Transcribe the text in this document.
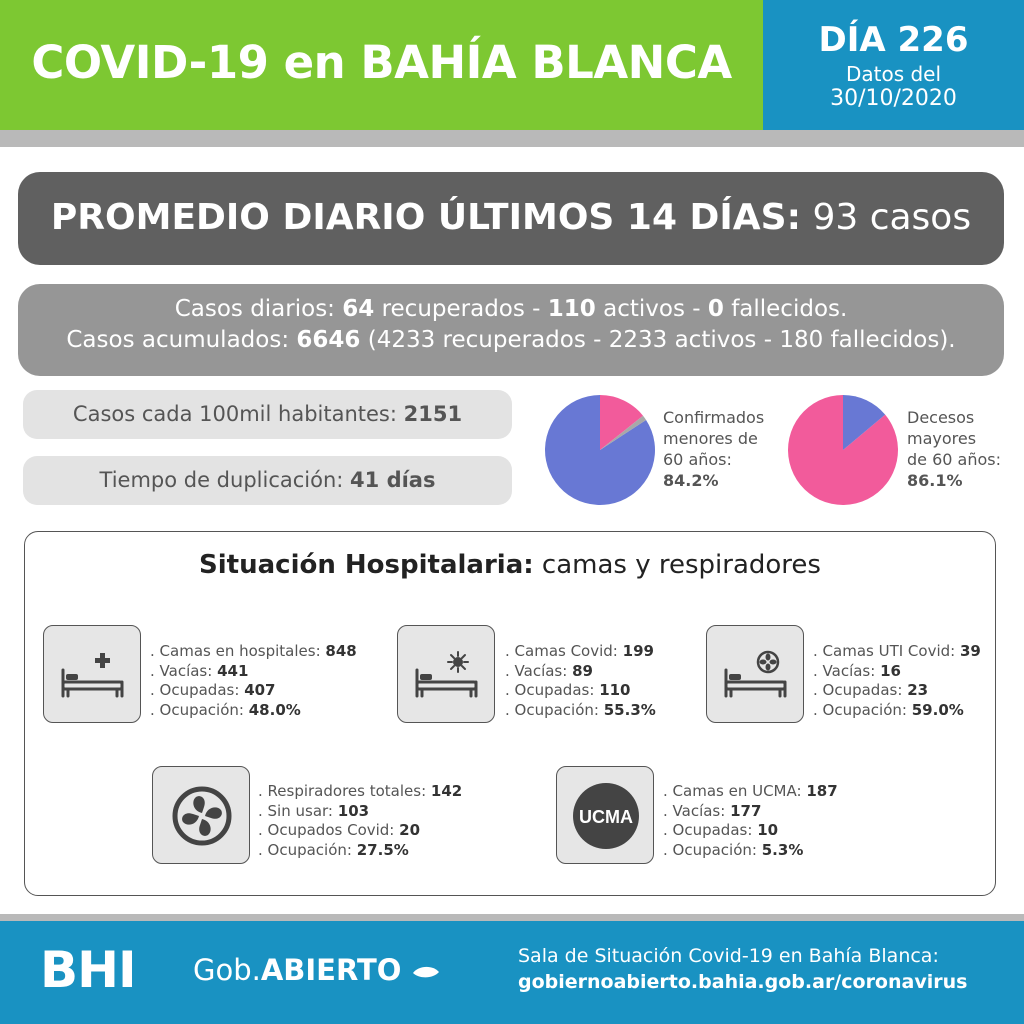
COVID-19 en BAHÍA BLANCA	DÍA 226
Datos del
30/10/2020
PROMEDIO DIARIO ÚLTIMOS 14 DÍAS: 93 casos
Casos diarios: 64 recuperados - 110 activos - 0 fallecidos.
Casos acumulados: 6646 (4233 recuperados - 2233 activos - 180 fallecidos).
Casos cada 100mil habitantes: 2151
Tiempo de duplicación: 41 días
Confirmados
menores de
60 años:
84.2%
Decesos
mayores
de 60 años:
86.1%
Situación Hospitalaria: camas y respiradores
. Camas en hospitales: 848
. Vacías: 441
. Ocupadas: 407
. Ocupación: 48.0%
. Camas Covid: 199
. Vacías: 89
. Ocupadas: 110
. Ocupación: 55.3%
. Camas UTI Covid: 39
. Vacías: 16
. Ocupadas: 23
. Ocupación: 59.0%
. Respiradores totales: 142
. Sin usar: 103
. Ocupados Covid: 20
. Ocupación: 27.5%
UCMA
. Camas en UCMA: 187
. Vacías: 177
. Ocupadas: 10
. Ocupación: 5.3%
BHI Gob.ABIERTO	Sala de Situación Covid-19 en Bahía Blanca:
gobiernoabierto.bahia.gob.ar/coronavirus
